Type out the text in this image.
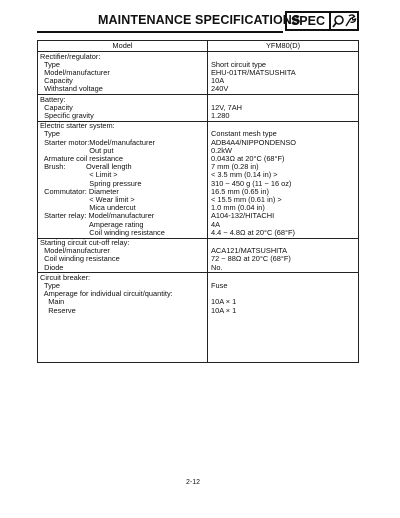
MAINTENANCE SPECIFICATIONS
SPEC
Model	YFM80(D)
Rectifier/regulator:
Type	Short circuit type
Model/manufacturer	EHU-01TR/MATSUSHITA
Capacity	10A
Withstand voltage	240V
Battery:
Capacity	12V, 7AH
Specific gravity	1.280
Electric starter system:
Type	Constant mesh type
Starter motor:Model/manufacturer	ADB4A4/NIPPONDENSO
Out put	0.2kW
Armature coil resistance	0.043Ω at 20°C (68°F)
Brush:          Overall length	7 mm (0.28 in)
< Limit >	< 3.5 mm (0.14 in) >
Spring pressure	310 ~ 450 g (11 ~ 16 oz)
Commutator: Diameter	16.5 mm (0.65 in)
< Wear limit >	< 15.5 mm (0.61 in) >
Mica undercut	1.0 mm (0.04 in)
Starter relay: Model/manufacturer	A104-132/HITACHI
Amperage rating	4A
Coil winding resistance	4.4 ~ 4.8Ω at 20°C (68°F)
Starting circuit cut-off relay:
Model/manufacturer	ACA121/MATSUSHITA
Coil winding resistance	72 ~ 88Ω at 20°C (68°F)
Diode	No.
Circuit breaker:
Type	Fuse
Amperage for individual circuit/quantity:
Main	10A × 1
Reserve	10A × 1
2-12
